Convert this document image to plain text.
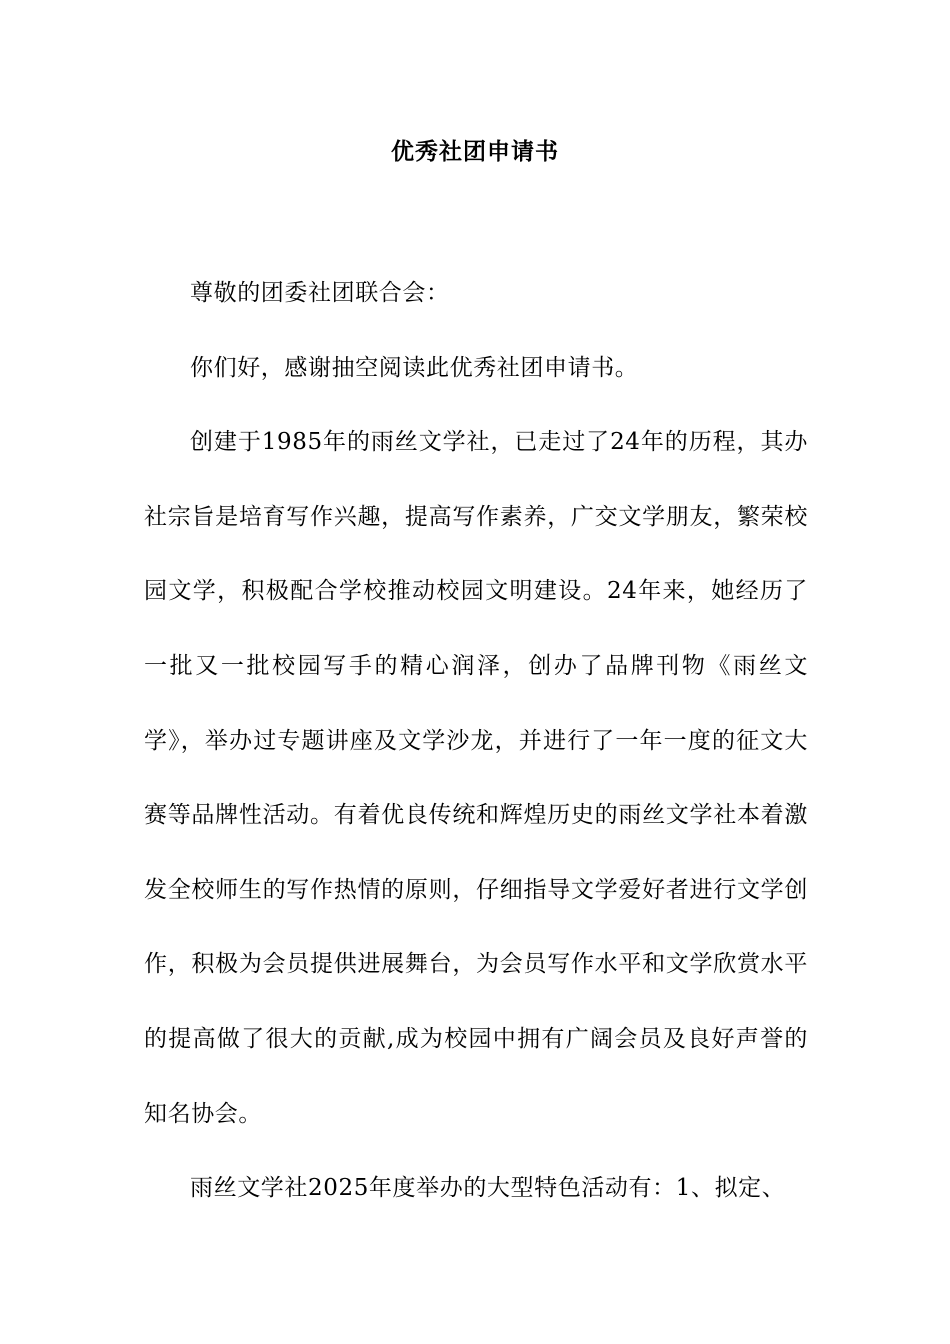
优秀社团申请书

尊敬的团委社团联合会：

你们好，感谢抽空阅读此优秀社团申请书。

创建于1985年的雨丝文学社，已走过了24年的历程，其办社宗旨是培育写作兴趣，提高写作素养，广交文学朋友，繁荣校园文学，积极配合学校推动校园文明建设。24年来，她经历了一批又一批校园写手的精心润泽，创办了品牌刊物《雨丝文学》，举办过专题讲座及文学沙龙，并进行了一年一度的征文大赛等品牌性活动。有着优良传统和辉煌历史的雨丝文学社本着激发全校师生的写作热情的原则，仔细指导文学爱好者进行文学创作，积极为会员提供进展舞台，为会员写作水平和文学欣赏水平的提高做了很大的贡献,成为校园中拥有广阔会员及良好声誉的知名协会。

雨丝文学社2025年度举办的大型特色活动有：1、拟定、
